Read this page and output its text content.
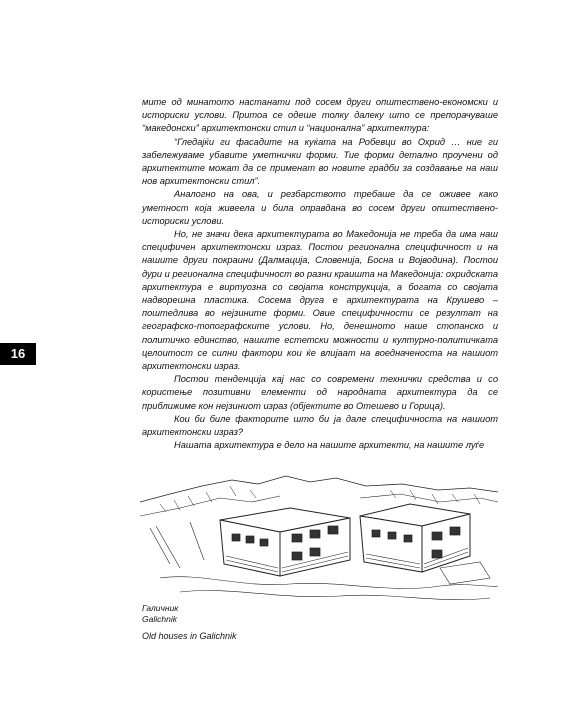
16

мите од минатото настанати под сосем други општествено-економски и историски услови. Притоа се одеше толку далеку што се препорачуваше “македонски” архитектонски стил и “национална” архитектура:

“Гледајќи ги фасадите на куќата на Робевци во Охрид … ние ги забележуваме убавите уметнички форми. Тие форми детално проучени од архитектите можат да се применат во новите градби за создавање на наш нов архитектонски стил”.

Аналогно на ова, и резбарството требаше да се оживее како уметност која живеела и била оправдана во сосем други општествено-историски услови.

Но, не значи дека архитектурата во Македонија не треба да има наш специфичен архитектонски израз. Постои регионална специфичност и на нашите други покраини (Далмација, Словенија, Босна и Војводина). Постои дури и регионална специфичност во разни краишта на Македонија: охридската архитектура е виртуозна со својата конструкција, а богата со својата надворешна пластика. Сосема друга е архитектурата на Крушево – поштедлива во нејзините форми. Овие специфичности се резултат на географско-топографските услови. Но, денешното наше стопанско и политичко единство, нашите естетски можности и културно-политичката целоитост се силни фактори кои ќе влијаат на воедначеноста на нашиот архитектонски израз.

Постои тенденција кај нас со современи технички средства и со користење позитивни елементи од народната архитектура да се приближиме кон нејзиниот израз (објектите во Отешево и Горица).

Кои би биле факторите што би ја дале специфичноста на нашиот архитектонски израз?

Нашата архитектура е дело на нашите архитекти, на нашите луѓе

Галичник
Galichnik
Old houses in Galichnik
